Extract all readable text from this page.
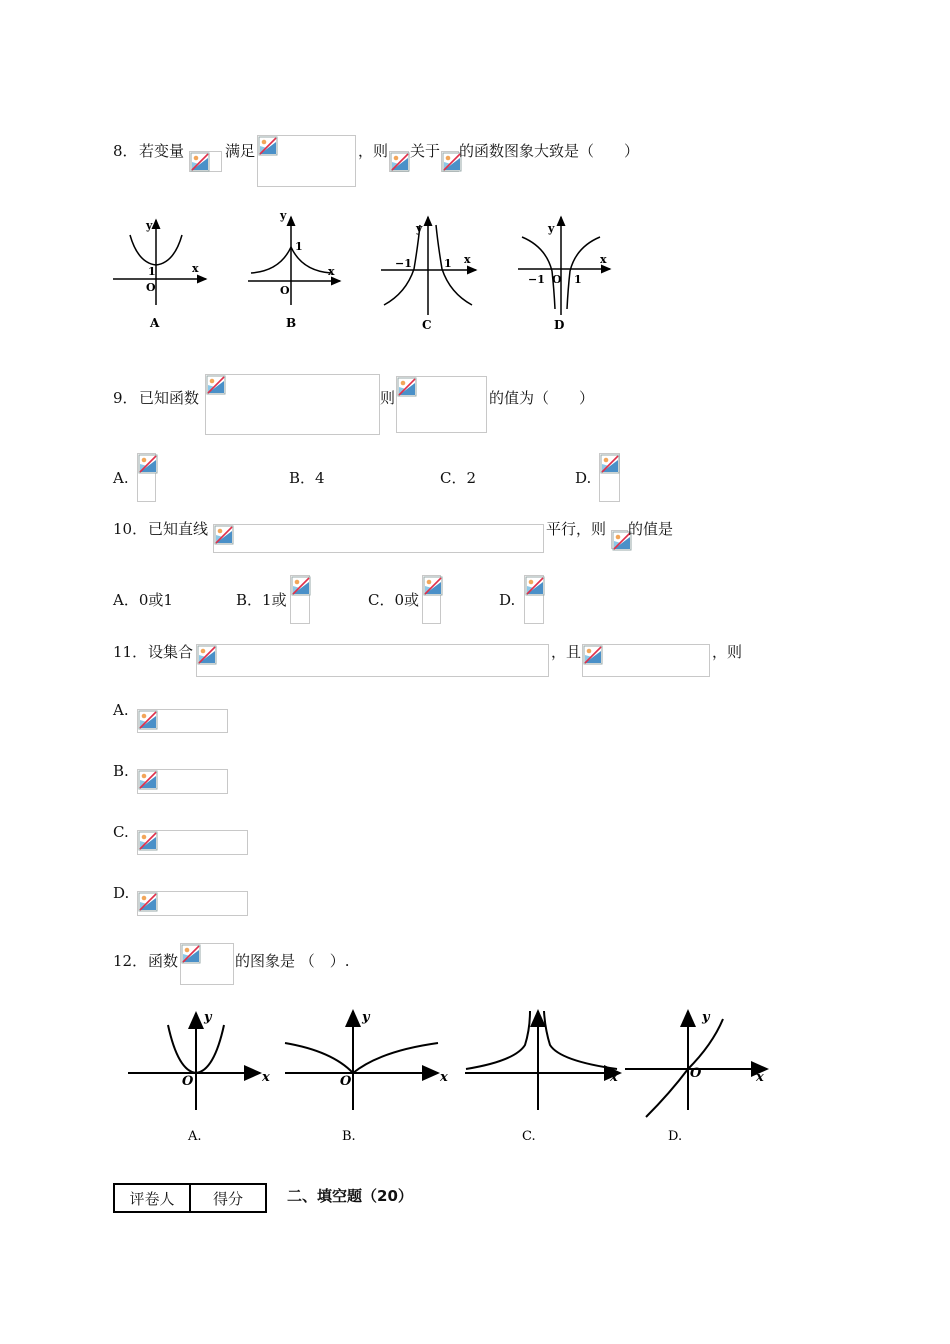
8． 若变量	满足	，则 关于 的函数图象大致是（　　）
y
x
O
1
A
y
x
O
1
B
y
x
−1	1
C
y
x
−1 O 1
D
9． 已知函数	则	的值为（　　）
A.	B．4	C．2	D.
10． 已知直线	平行，则 的值是
A．0或1	B．1或	C．0或	D.
11． 设集合	，且	，则
A.
B.
C.
D.
12． 函数	的图象是 （　）.
y
x
O
y
x
O	x
y
x
O
A.	B.	C.	D.
评卷人	得分	二、填空题（20）
